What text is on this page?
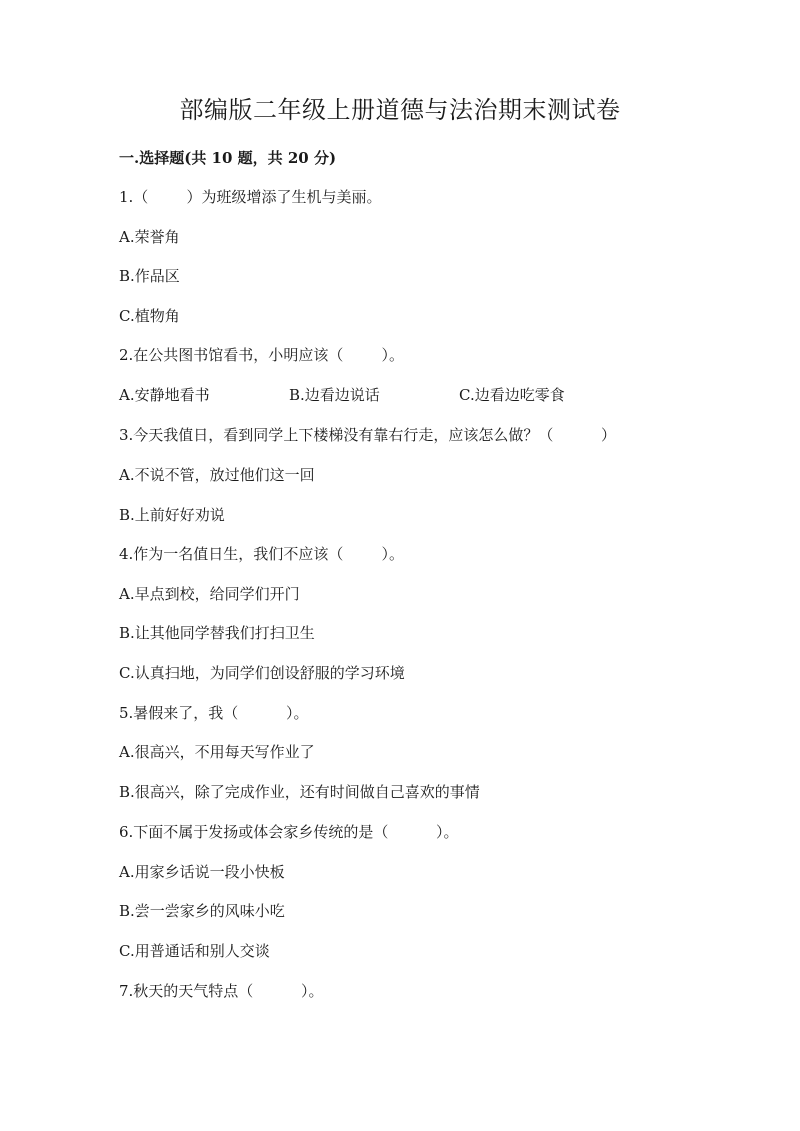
部编版二年级上册道德与法治期末测试卷
一.选择题(共 10 题，共 20 分)
1.（        ）为班级增添了生机与美丽。
A.荣誉角
B.作品区
C.植物角
2.在公共图书馆看书，小明应该（        ）。
A.安静地看书	B.边看边说话	C.边看边吃零食
3.今天我值日，看到同学上下楼梯没有靠右行走，应该怎么做？（          ）
A.不说不管，放过他们这一回
B.上前好好劝说
4.作为一名值日生，我们不应该（        ）。
A.早点到校，给同学们开门
B.让其他同学替我们打扫卫生
C.认真扫地，为同学们创设舒服的学习环境
5.暑假来了，我（          ）。
A.很高兴，不用每天写作业了
B.很高兴，除了完成作业，还有时间做自己喜欢的事情
6.下面不属于发扬或体会家乡传统的是（          ）。
A.用家乡话说一段小快板
B.尝一尝家乡的风味小吃
C.用普通话和别人交谈
7.秋天的天气特点（          ）。
